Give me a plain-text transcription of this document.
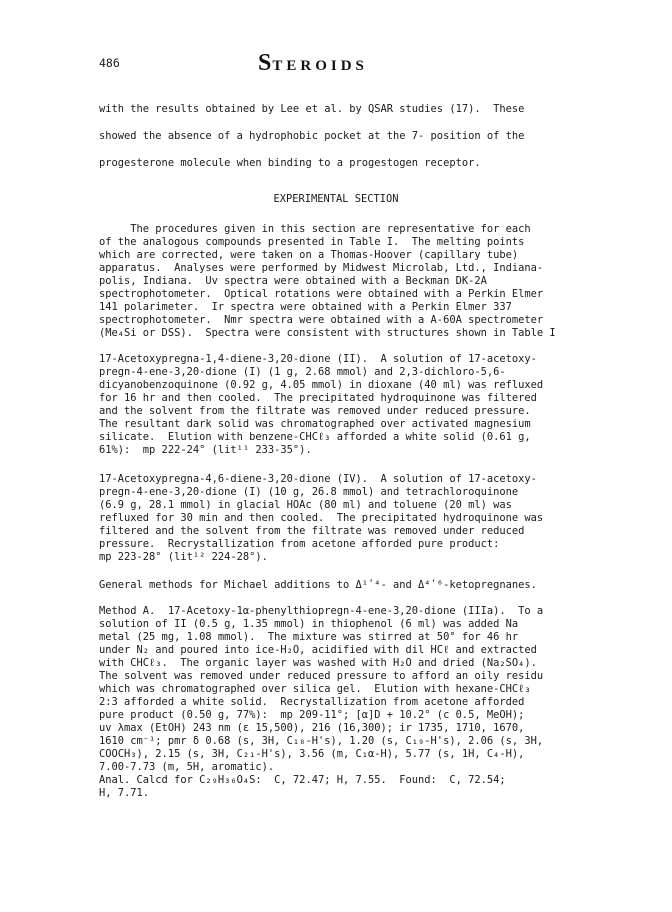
486	STEROIDS
with the results obtained by Lee et al. by QSAR studies (17).  These
showed the absence of a hydrophobic pocket at the 7- position of the
progesterone molecule when binding to a progestogen receptor.
EXPERIMENTAL SECTION
The procedures given in this section are representative for each
of the analogous compounds presented in Table I.  The melting points
which are corrected, were taken on a Thomas-Hoover (capillary tube)
apparatus.  Analyses were performed by Midwest Microlab, Ltd., Indiana-
polis, Indiana.  Uv spectra were obtained with a Beckman DK-2A
spectrophotometer.  Optical rotations were obtained with a Perkin Elmer
141 polarimeter.  Ir spectra were obtained with a Perkin Elmer 337
spectrophotometer.  Nmr spectra were obtained with a A-60A spectrometer
(Me₄Si or DSS).  Spectra were consistent with structures shown in Table I
17-Acetoxypregna-1,4-diene-3,20-dione (II).  A solution of 17-acetoxy-
pregn-4-ene-3,20-dione (I) (1 g, 2.68 mmol) and 2,3-dichloro-5,6-
dicyanobenzoquinone (0.92 g, 4.05 mmol) in dioxane (40 ml) was refluxed
for 16 hr and then cooled.  The precipitated hydroquinone was filtered
and the solvent from the filtrate was removed under reduced pressure.
The resultant dark solid was chromatographed over activated magnesium
silicate.  Elution with benzene-CHCℓ₃ afforded a white solid (0.61 g,
61%):  mp 222-24° (lit¹¹ 233-35°).
17-Acetoxypregna-4,6-diene-3,20-dione (IV).  A solution of 17-acetoxy-
pregn-4-ene-3,20-dione (I) (10 g, 26.8 mmol) and tetrachloroquinone
(6.9 g, 28.1 mmol) in glacial HOAc (80 ml) and toluene (20 ml) was
refluxed for 30 min and then cooled.  The precipitated hydroquinone was
filtered and the solvent from the filtrate was removed under reduced
pressure.  Recrystallization from acetone afforded pure product:
mp 223-28° (lit¹² 224-28°).
General methods for Michael additions to Δ¹ʹ⁴- and Δ⁴ʹ⁶-ketopregnanes.
Method A.  17-Acetoxy-1α-phenylthiopregn-4-ene-3,20-dione (IIIa).  To a
solution of II (0.5 g, 1.35 mmol) in thiophenol (6 ml) was added Na
metal (25 mg, 1.08 mmol).  The mixture was stirred at 50° for 46 hr
under N₂ and poured into ice-H₂O, acidified with dil HCℓ and extracted
with CHCℓ₃.  The organic layer was washed with H₂O and dried (Na₂SO₄).
The solvent was removed under reduced pressure to afford an oily residu
which was chromatographed over silica gel.  Elution with hexane-CHCℓ₃
2:3 afforded a white solid.  Recrystallization from acetone afforded
pure product (0.50 g, 77%):  mp 209-11°; [α]D + 10.2° (c 0.5, MeOH);
uv λmax (EtOH) 243 nm (ε 15,500), 216 (16,300); ir 1735, 1710, 1670,
1610 cm⁻¹; pmr δ 0.68 (s, 3H, C₁₈-H's), 1.20 (s, C₁₉-H's), 2.06 (s, 3H,
COOCH₃), 2.15 (s, 3H, C₂₁-H's), 3.56 (m, C₁α-H), 5.77 (s, 1H, C₄-H),
7.00-7.73 (m, 5H, aromatic).
Anal. Calcd for C₂₉H₃₆O₄S:  C, 72.47; H, 7.55.  Found:  C, 72.54;
H, 7.71.
